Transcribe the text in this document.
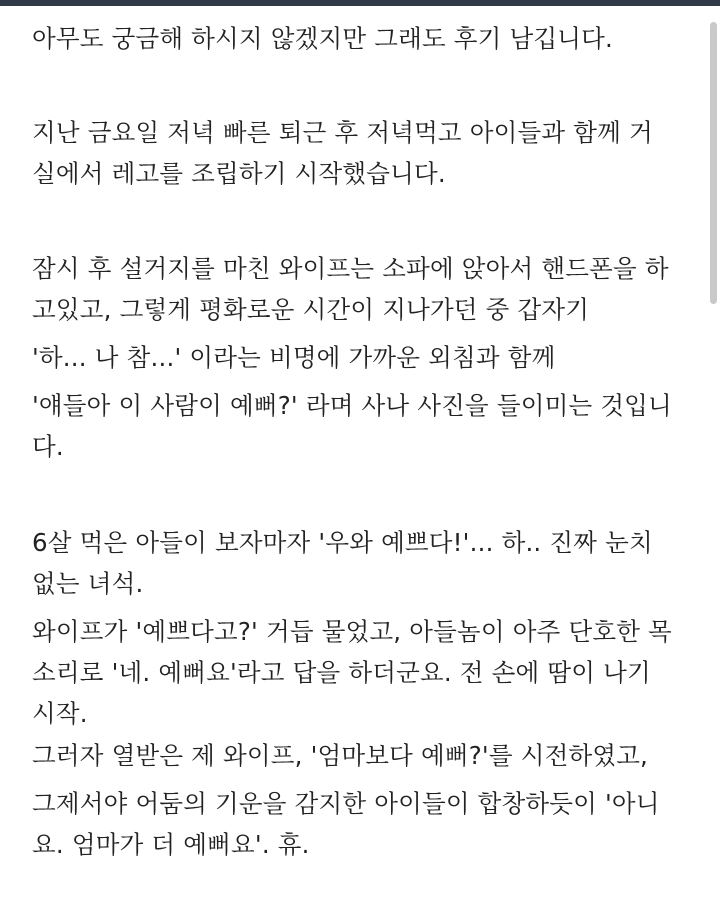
아무도 궁금해 하시지 않겠지만 그래도 후기 남깁니다.
지난 금요일 저녁 빠른 퇴근 후 저녁먹고 아이들과 함께 거
실에서 레고를 조립하기 시작했습니다.
잠시 후 설거지를 마친 와이프는 소파에 앉아서 핸드폰을 하
고있고, 그렇게 평화로운 시간이 지나가던 중 갑자기
'하... 나 참...' 이라는 비명에 가까운 외침과 함께
'얘들아 이 사람이 예뻐?' 라며 사나 사진을 들이미는 것입니
다.
6살 먹은 아들이 보자마자 '우와 예쁘다!'... 하.. 진짜 눈치
없는 녀석.
와이프가 '예쁘다고?' 거듭 물었고, 아들놈이 아주 단호한 목
소리로 '네. 예뻐요'라고 답을 하더군요. 전 손에 땀이 나기
시작.
그러자 열받은 제 와이프, '엄마보다 예뻐?'를 시전하였고,
그제서야 어둠의 기운을 감지한 아이들이 합창하듯이 '아니
요. 엄마가 더 예뻐요'. 휴.
